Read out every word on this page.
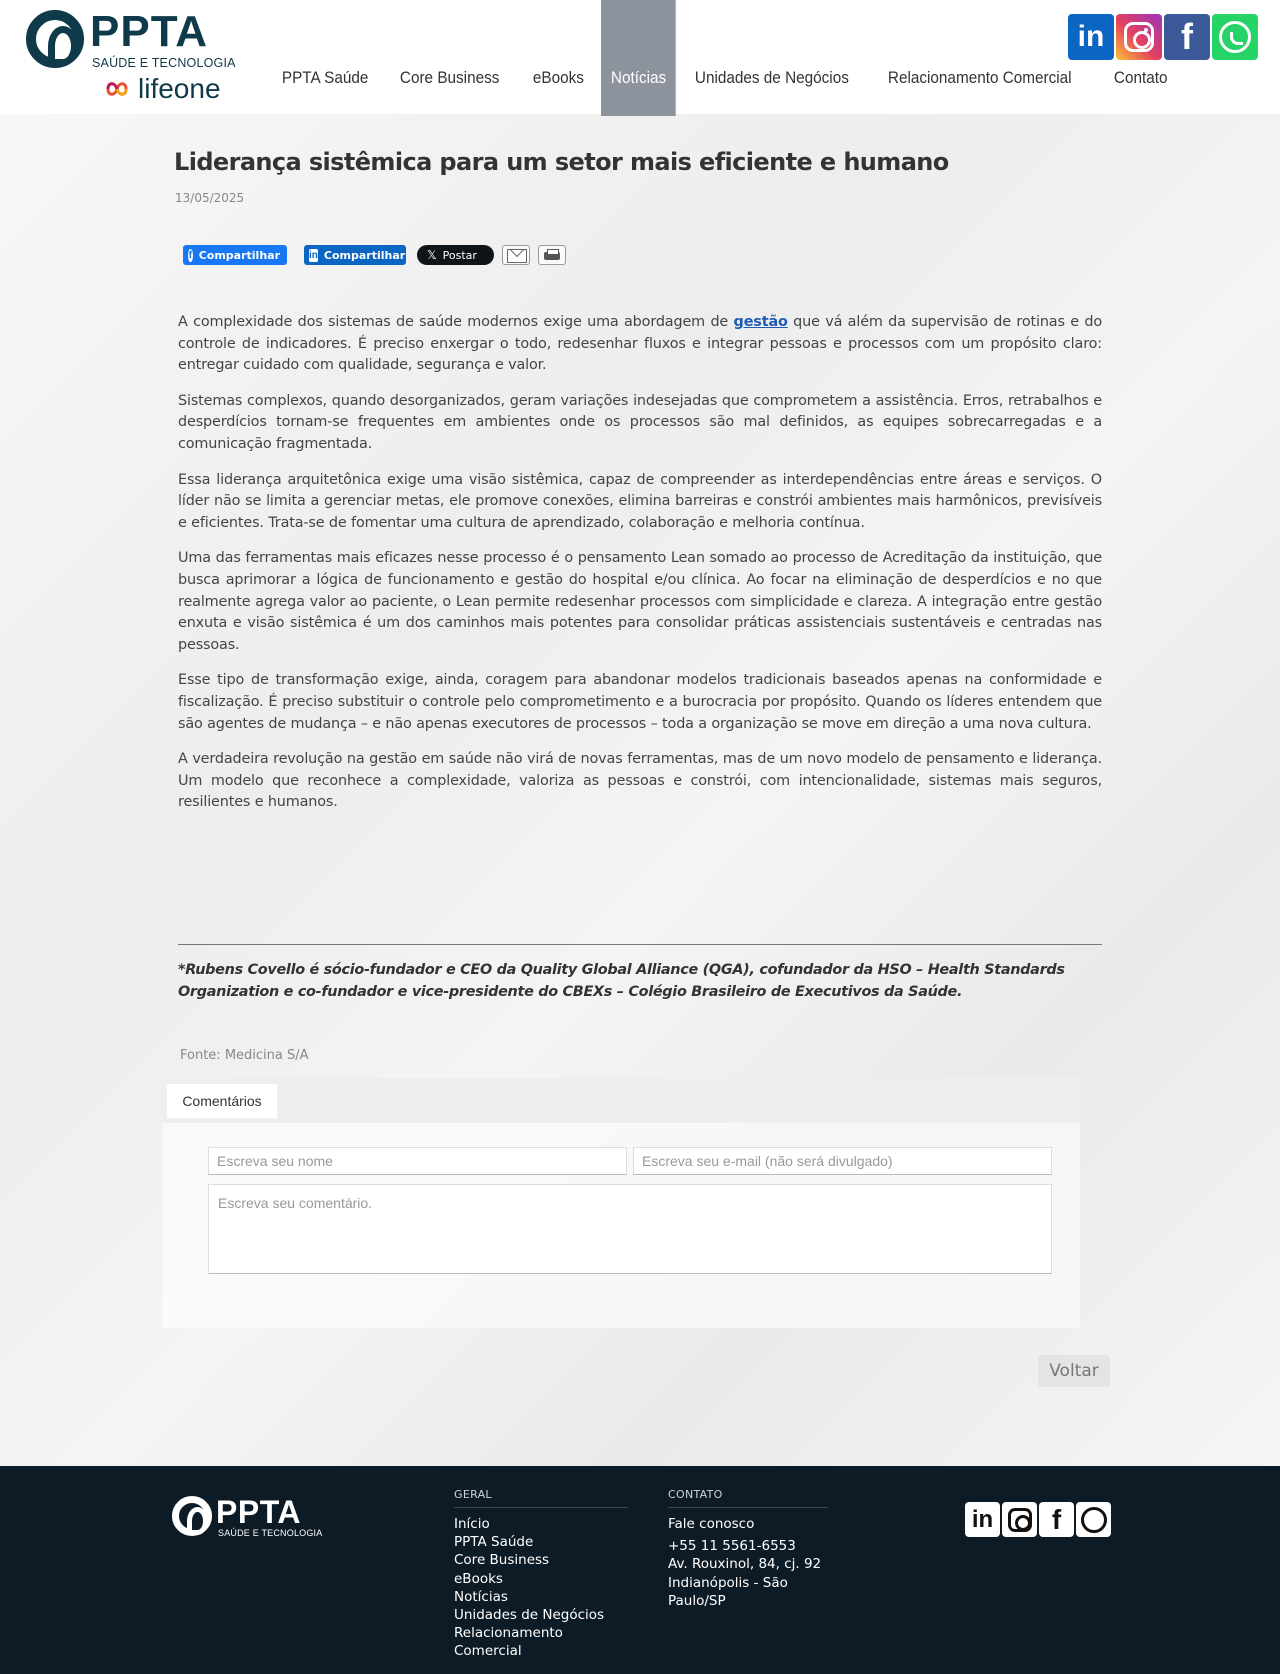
PPTA
SAÚDE E TECNOLOGIA
lifeone	PPTA Saúde	Core Business	eBooks	Notícias	Unidades de Negócios	Relacionamento Comercial	Contato
in f
Liderança sistêmica para um setor mais eficiente e humano
13/05/2025
f Compartilhar	in Compartilhar 𝕏 Postar

A complexidade dos sistemas de saúde modernos exige uma abordagem de gestão que vá além da supervisão de rotinas e do controle de indicadores. É preciso enxergar o todo, redesenhar fluxos e integrar pessoas e processos com um propósito claro: entregar cuidado com qualidade, segurança e valor.

Sistemas complexos, quando desorganizados, geram variações indesejadas que comprometem a assistência. Erros, retrabalhos e desperdícios tornam-se frequentes em ambientes onde os processos são mal definidos, as equipes sobrecarregadas e a comunicação fragmentada.

Essa liderança arquitetônica exige uma visão sistêmica, capaz de compreender as interdependências entre áreas e serviços. O líder não se limita a gerenciar metas, ele promove conexões, elimina barreiras e constrói ambientes mais harmônicos, previsíveis e eficientes. Trata-se de fomentar uma cultura de aprendizado, colaboração e melhoria contínua.

Uma das ferramentas mais eficazes nesse processo é o pensamento Lean somado ao processo de Acreditação da instituição, que busca aprimorar a lógica de funcionamento e gestão do hospital e/ou clínica. Ao focar na eliminação de desperdícios e no que realmente agrega valor ao paciente, o Lean permite redesenhar processos com simplicidade e clareza. A integração entre gestão enxuta e visão sistêmica é um dos caminhos mais potentes para consolidar práticas assistenciais sustentáveis e centradas nas pessoas.

Esse tipo de transformação exige, ainda, coragem para abandonar modelos tradicionais baseados apenas na conformidade e fiscalização. É preciso substituir o controle pelo comprometimento e a burocracia por propósito. Quando os líderes entendem que são agentes de mudança – e não apenas executores de processos – toda a organização se move em direção a uma nova cultura.

A verdadeira revolução na gestão em saúde não virá de novas ferramentas, mas de um novo modelo de pensamento e liderança. Um modelo que reconhece a complexidade, valoriza as pessoas e constrói, com intencionalidade, sistemas mais seguros, resilientes e humanos.

*Rubens Covello é sócio-fundador e CEO da Quality Global Alliance (QGA), cofundador da HSO – Health Standards Organization e co-fundador e vice-presidente do CBEXs – Colégio Brasileiro de Executivos da Saúde.
Fonte: Medicina S/A
Comentários
Escreva seu nome
Escreva seu e-mail (não será divulgado)
Escreva seu comentário.
Voltar
PPTA
SAÚDE E TECNOLOGIA
GERAL
Início
PPTA Saúde
Core Business
eBooks
Notícias
Unidades de Negócios
Relacionamento Comercial
CONTATO
Fale conosco
+55 11 5561-6553
Av. Rouxinol, 84, cj. 92
Indianópolis - São Paulo/SP
in f
